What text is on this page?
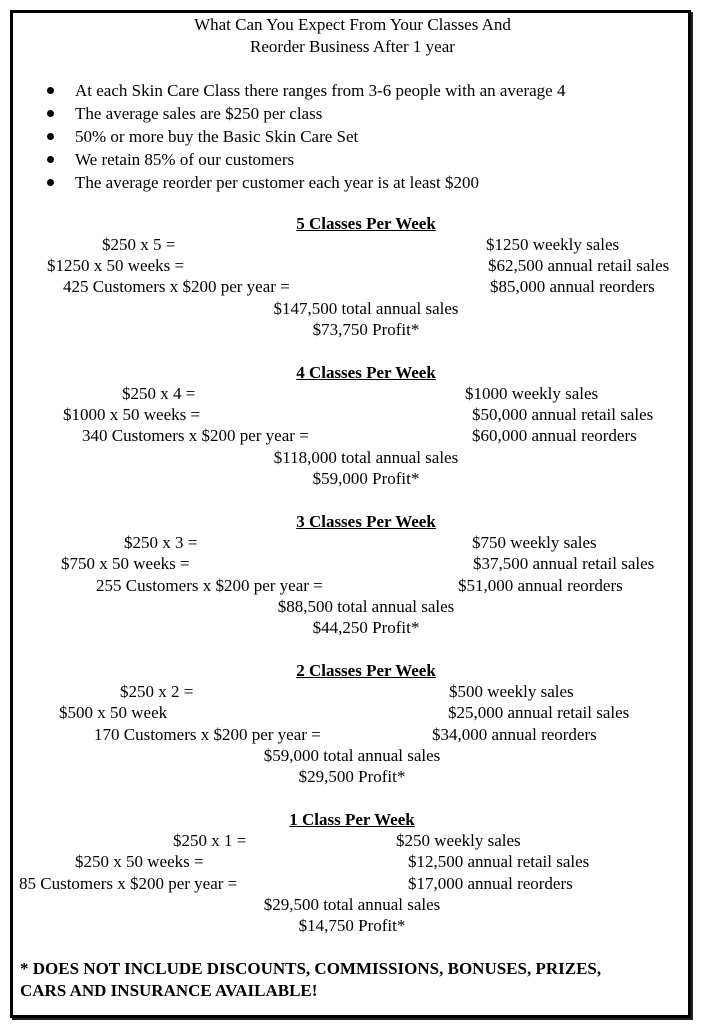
What Can You Expect From Your Classes And
Reorder Business After 1 year
At each Skin Care Class there ranges from 3-6 people with an average 4
The average sales are $250 per class
50% or more buy the Basic Skin Care Set
We retain 85% of our customers
The average reorder per customer each year is at least $200
5 Classes Per Week
$250 x 5 =	$1250 weekly sales
$1250 x 50 weeks =	$62,500 annual retail sales
425 Customers x $200 per year =	$85,000 annual reorders
$147,500 total annual sales
$73,750 Profit*
4 Classes Per Week
$250 x 4 =	$1000 weekly sales
$1000 x 50 weeks =	$50,000 annual retail sales
340 Customers x $200 per year =	$60,000 annual reorders
$118,000 total annual sales
$59,000 Profit*
3 Classes Per Week
$250 x 3 =	$750 weekly sales
$750 x 50 weeks =	$37,500 annual retail sales
255 Customers x $200 per year =	$51,000 annual reorders
$88,500 total annual sales
$44,250 Profit*
2 Classes Per Week
$250 x 2 =	$500 weekly sales
$500 x 50 week	$25,000 annual retail sales
170 Customers x $200 per year =	$34,000 annual reorders
$59,000 total annual sales
$29,500 Profit*
1 Class Per Week
$250 x 1 =	$250 weekly sales
$250 x 50 weeks =	$12,500 annual retail sales
85 Customers x $200 per year =	$17,000 annual reorders
$29,500 total annual sales
$14,750 Profit*
* DOES NOT INCLUDE DISCOUNTS, COMMISSIONS, BONUSES, PRIZES,
CARS AND INSURANCE AVAILABLE!
